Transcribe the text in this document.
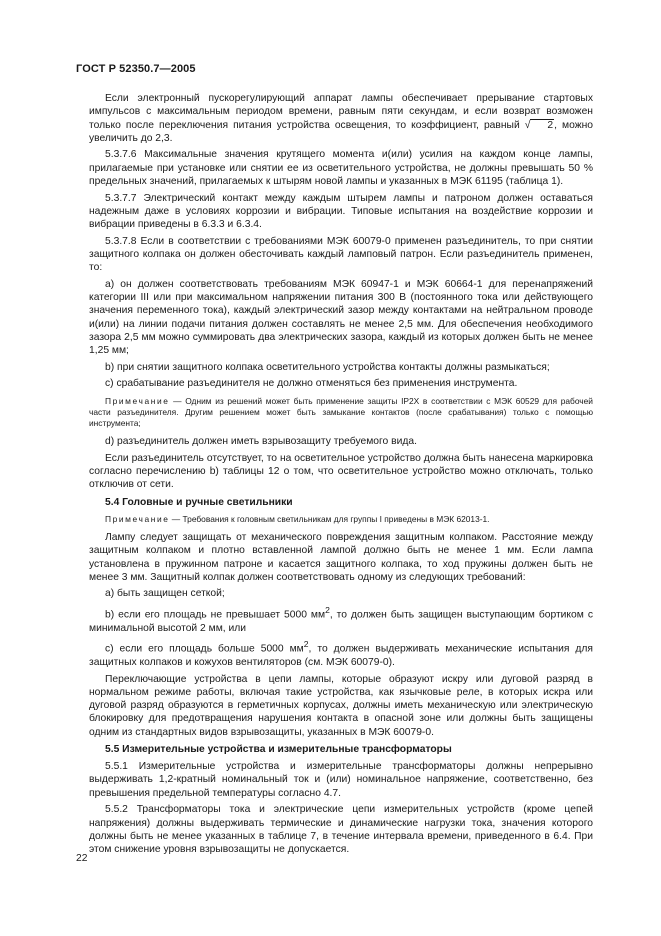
ГОСТ Р 52350.7—2005

Если электронный пускорегулирующий аппарат лампы обеспечивает прерывание стартовых импульсов с максимальным периодом времени, равным пяти секундам, и если возврат возможен только после переключения питания устройства освещения, то коэффициент, равный √ 2, можно увеличить до 2,3.

5.3.7.6 Максимальные значения крутящего момента и(или) усилия на каждом конце лампы, прилагаемые при установке или снятии ее из осветительного устройства, не должны превышать 50 % предельных значений, прилагаемых к штырям новой лампы и указанных в МЭК 61195 (таблица 1).

5.3.7.7 Электрический контакт между каждым штырем лампы и патроном должен оставаться надежным даже в условиях коррозии и вибрации. Типовые испытания на воздействие коррозии и вибрации приведены в 6.3.3 и 6.3.4.

5.3.7.8 Если в соответствии с требованиями МЭК 60079-0 применен разъединитель, то при снятии защитного колпака он должен обесточивать каждый ламповый патрон. Если разъединитель применен, то:

a) он должен соответствовать требованиям МЭК 60947-1 и МЭК 60664-1 для перенапряжений категории III или при максимальном напряжении питания 300 В (постоянного тока или действующего значения переменного тока), каждый электрический зазор между контактами на нейтральном проводе и(или) на линии подачи питания должен составлять не менее 2,5 мм. Для обеспечения необходимого зазора 2,5 мм можно суммировать два электрических зазора, каждый из которых должен быть не менее 1,25 мм;

b) при снятии защитного колпака осветительного устройства контакты должны размыкаться;

c) срабатывание разъединителя не должно отменяться без применения инструмента.

Примечание — Одним из решений может быть применение защиты IP2X в соответствии с МЭК 60529 для рабочей части разъединителя. Другим решением может быть замыкание контактов (после срабатывания) только с помощью инструмента;

d) разъединитель должен иметь взрывозащиту требуемого вида.

Если разъединитель отсутствует, то на осветительное устройство должна быть нанесена маркировка согласно перечислению b) таблицы 12 о том, что осветительное устройство можно отключать, только отключив от сети.

5.4 Головные и ручные светильники

Примечание — Требования к головным светильникам для группы I приведены в МЭК 62013-1.

Лампу следует защищать от механического повреждения защитным колпаком. Расстояние между защитным колпаком и плотно вставленной лампой должно быть не менее 1 мм. Если лампа установлена в пружинном патроне и касается защитного колпака, то ход пружины должен быть не менее 3 мм. Защитный колпак должен соответствовать одному из следующих требований:

a) быть защищен сеткой;

b) если его площадь не превышает 5000 $мм^2$, то должен быть защищен выступающим бортиком с минимальной высотой 2 мм, или

c) если его площадь больше 5000 $мм^2$, то должен выдерживать механические испытания для защитных колпаков и кожухов вентиляторов (см. МЭК 60079-0).

Переключающие устройства в цепи лампы, которые образуют искру или дуговой разряд в нормальном режиме работы, включая такие устройства, как язычковые реле, в которых искра или дуговой разряд образуются в герметичных корпусах, должны иметь механическую или электрическую блокировку для предотвращения нарушения контакта в опасной зоне или должны быть защищены одним из стандартных видов взрывозащиты, указанных в МЭК 60079-0.

5.5 Измерительные устройства и измерительные трансформаторы

5.5.1 Измерительные устройства и измерительные трансформаторы должны непрерывно выдерживать 1,2-кратный номинальный ток и (или) номинальное напряжение, соответственно, без превышения предельной температуры согласно 4.7.

5.5.2 Трансформаторы тока и электрические цепи измерительных устройств (кроме цепей напряжения) должны выдерживать термические и динамические нагрузки тока, значения которого должны быть не менее указанных в таблице 7, в течение интервала времени, приведенного в 6.4. При этом снижение уровня взрывозащиты не допускается.

22
